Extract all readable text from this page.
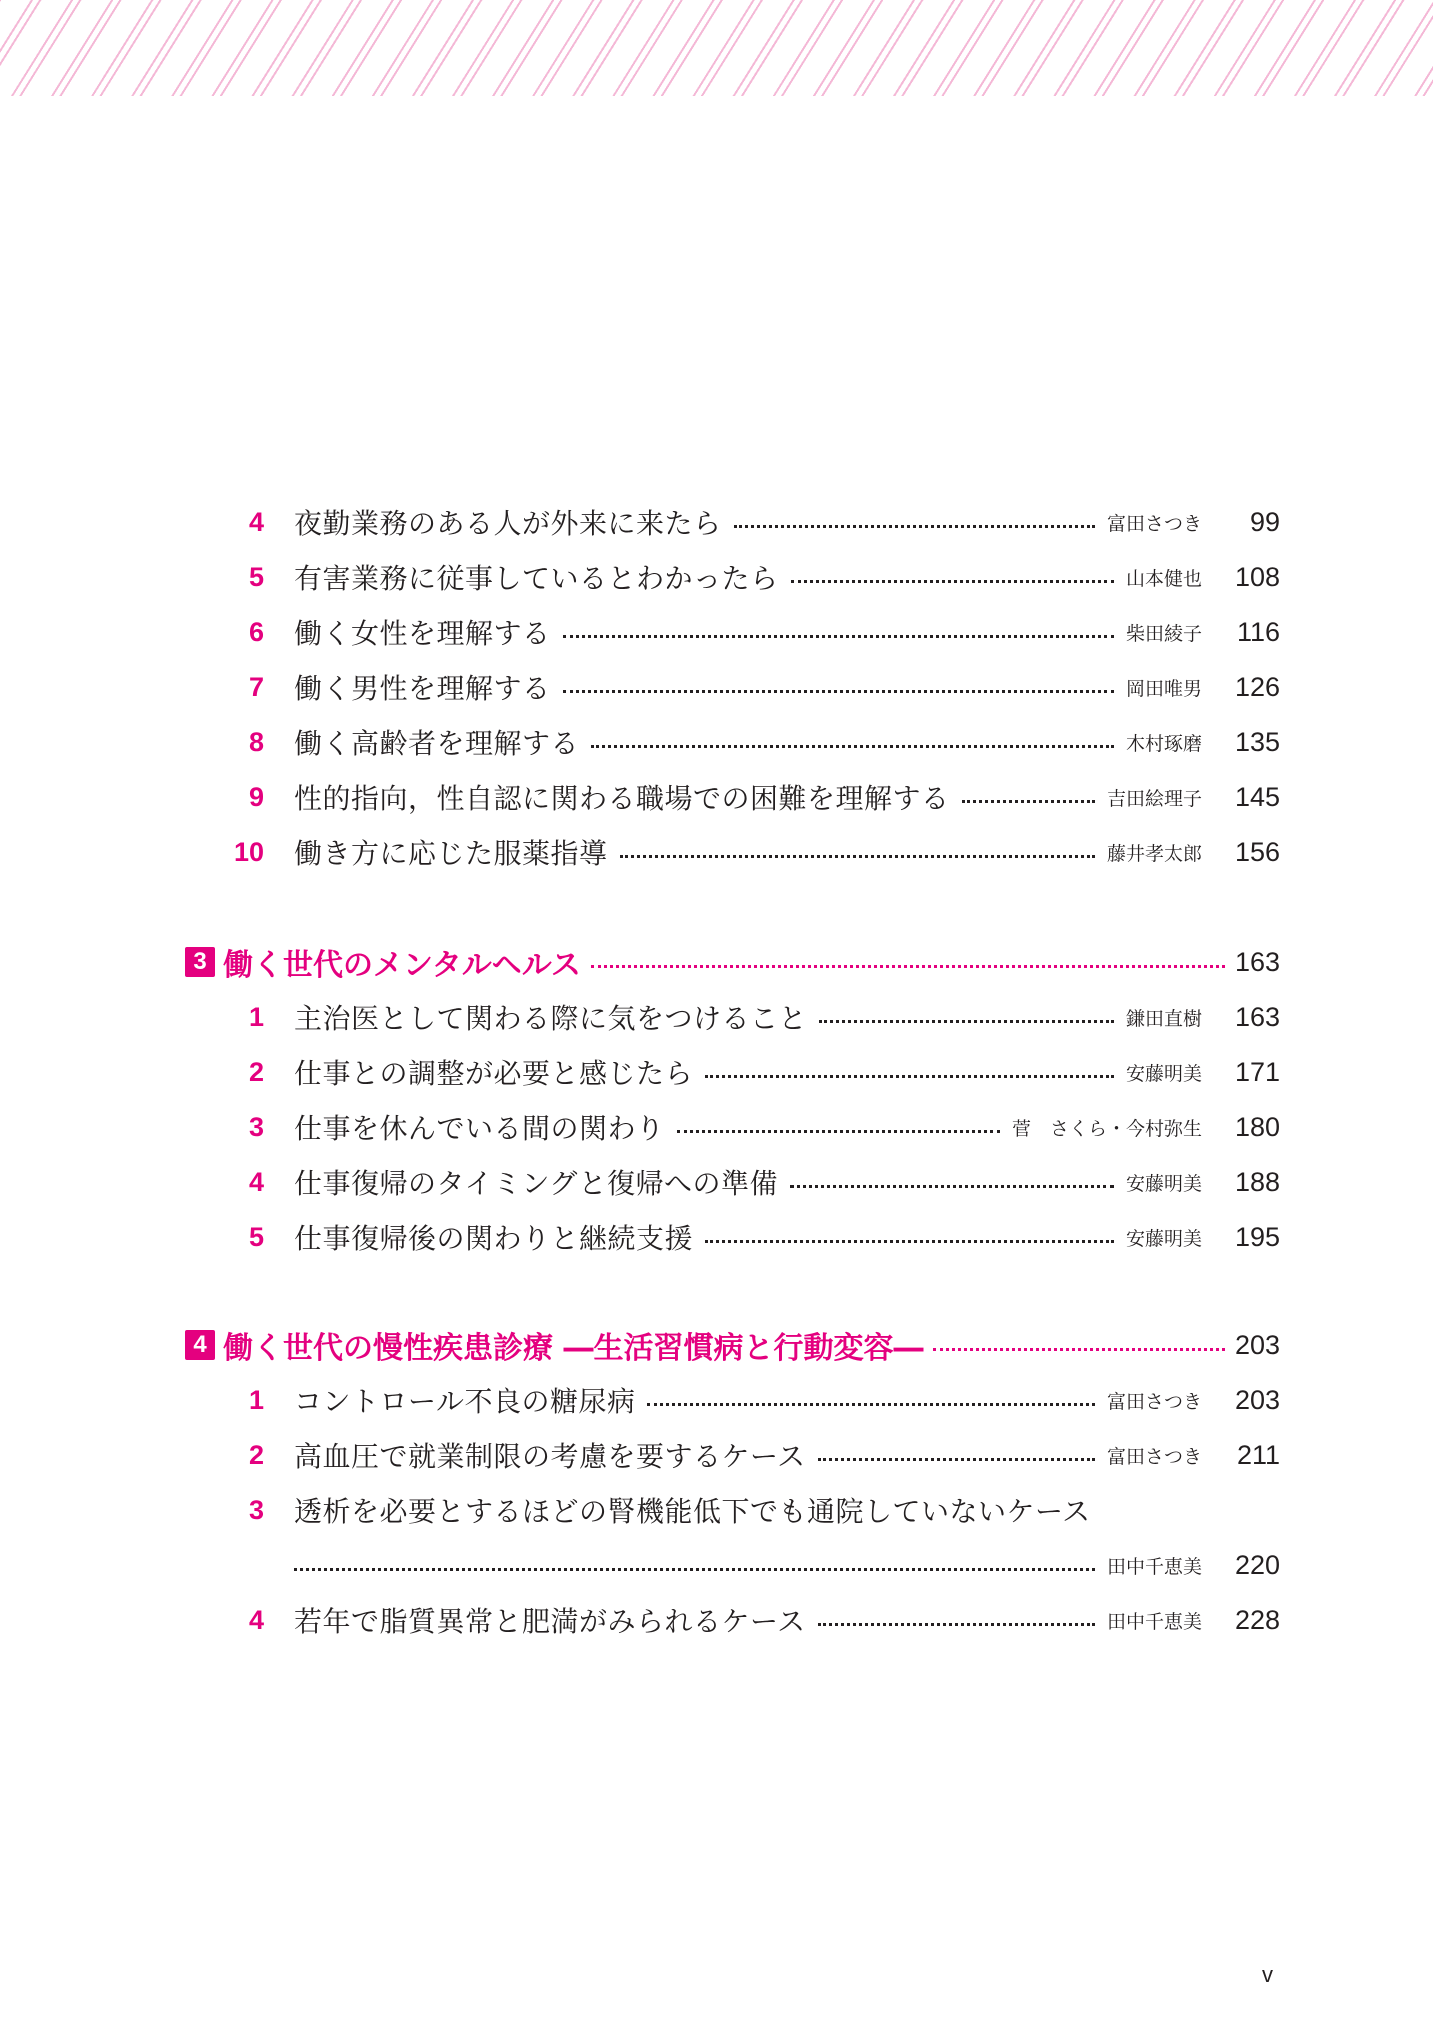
4 夜勤業務のある人が外来に来たら	富田さつき	99
5 有害業務に従事しているとわかったら	山本健也	108
6 働く女性を理解する	柴田綾子	116
7 働く男性を理解する	岡田唯男	126
8 働く高齢者を理解する	木村琢磨	135
9 性的指向，性自認に関わる職場での困難を理解する	吉田絵理子	145
10 働き方に応じた服薬指導	藤井孝太郎	156
3 働く世代のメンタルヘルス	163
1 主治医として関わる際に気をつけること	鎌田直樹	163
2 仕事との調整が必要と感じたら	安藤明美	171
3 仕事を休んでいる間の関わり	菅　さくら・今村弥生	180
4 仕事復帰のタイミングと復帰への準備	安藤明美	188
5 仕事復帰後の関わりと継続支援	安藤明美	195
4 働く世代の慢性疾患診療 ―生活習慣病と行動変容―	203
1 コントロール不良の糖尿病	富田さつき	203
2 高血圧で就業制限の考慮を要するケース	富田さつき	211
3 透析を必要とするほどの腎機能低下でも通院していないケース
田中千恵美	220
4 若年で脂質異常と肥満がみられるケース	田中千恵美	228
v
